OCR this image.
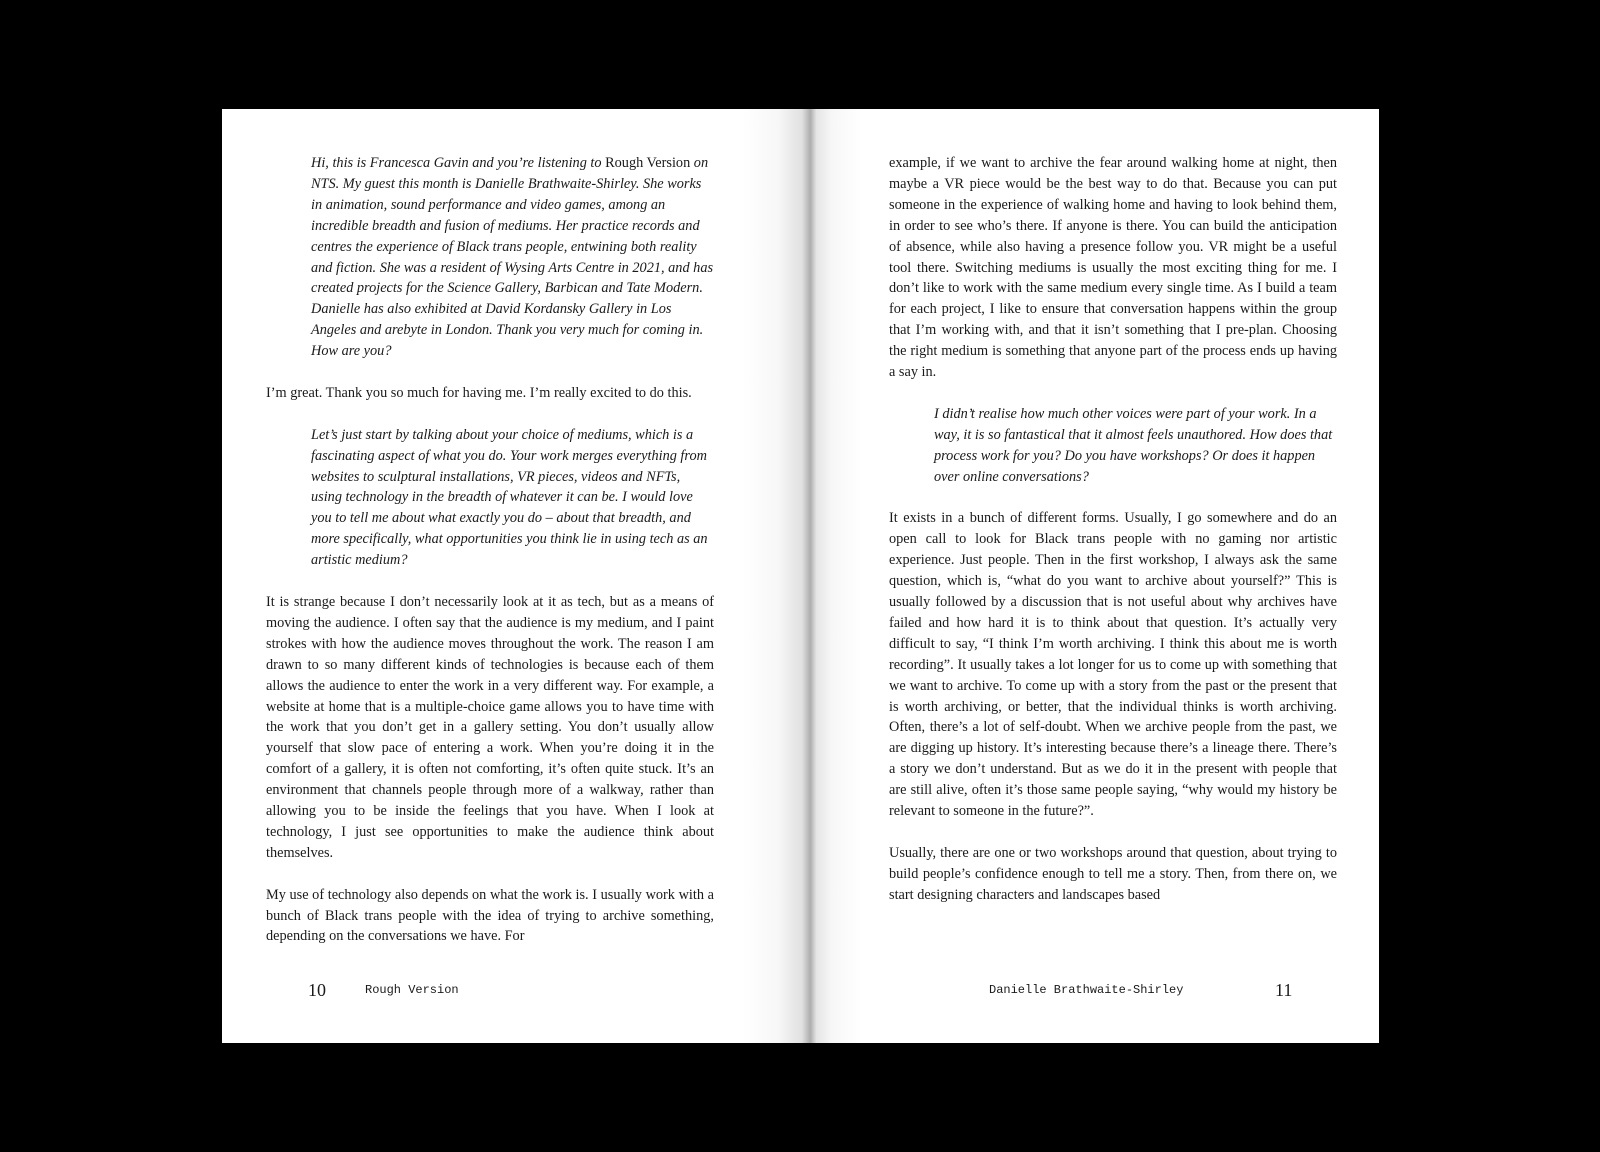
Hi, this is Francesca Gavin and you’re listening to Rough Version on NTS. My guest this month is Danielle Brathwaite-Shirley. She works in animation, sound performance and video games, among an incredible breadth and fusion of mediums. Her practice records and centres the experience of Black trans people, entwining both reality and fiction. She was a resident of Wysing Arts Centre in 2021, and has created projects for the Science Gallery, Barbican and Tate Modern. Danielle has also exhibited at David Kordansky Gallery in Los Angeles and arebyte in London. Thank you very much for coming in. How are you?

I’m great. Thank you so much for having me. I’m really excited to do this.

Let’s just start by talking about your choice of mediums, which is a fascinating aspect of what you do. Your work merges everything from websites to sculptural installations, VR pieces, videos and NFTs, using technology in the breadth of whatever it can be. I would love you to tell me about what exactly you do – about that breadth, and more specifically, what opportunities you think lie in using tech as an artistic medium?

It is strange because I don’t necessarily look at it as tech, but as a means of moving the audience. I often say that the audience is my medium, and I paint strokes with how the audience moves throughout the work. The reason I am drawn to so many different kinds of technologies is because each of them allows the audience to enter the work in a very different way. For example, a website at home that is a multiple-choice game allows you to have time with the work that you don’t get in a gallery setting. You don’t usually allow yourself that slow pace of entering a work. When you’re doing it in the comfort of a gallery, it is often not comforting, it’s often quite stuck. It’s an environment that channels people through more of a walkway, rather than allowing you to be inside the feelings that you have. When I look at technology, I just see opportunities to make the audience think about themselves.

My use of technology also depends on what the work is. I usually work with a bunch of Black trans people with the idea of trying to archive something, depending on the conversations we have. For

10	Rough Version

example, if we want to archive the fear around walking home at night, then maybe a VR piece would be the best way to do that. Because you can put someone in the experience of walking home and having to look behind them, in order to see who’s there. If anyone is there. You can build the anticipation of absence, while also having a presence follow you. VR might be a useful tool there. Switching mediums is usually the most exciting thing for me. I don’t like to work with the same medium every single time. As I build a team for each project, I like to ensure that conversation happens within the group that I’m working with, and that it isn’t something that I pre-plan. Choosing the right medium is something that anyone part of the process ends up having a say in.

I didn’t realise how much other voices were part of your work. In a way, it is so fantastical that it almost feels unauthored. How does that process work for you? Do you have workshops? Or does it happen over online conversations?

It exists in a bunch of different forms. Usually, I go somewhere and do an open call to look for Black trans people with no gaming nor artistic experience. Just people. Then in the first workshop, I always ask the same question, which is, “what do you want to archive about yourself?” This is usually followed by a discussion that is not useful about why archives have failed and how hard it is to think about that question. It’s actually very difficult to say, “I think I’m worth archiving. I think this about me is worth recording”. It usually takes a lot longer for us to come up with something that we want to archive. To come up with a story from the past or the present that is worth archiving, or better, that the individual thinks is worth archiving. Often, there’s a lot of self-doubt. When we archive people from the past, we are digging up history. It’s interesting because there’s a lineage there. There’s a story we don’t understand. But as we do it in the present with people that are still alive, often it’s those same people saying, “why would my history be relevant to someone in the future?”.

Usually, there are one or two workshops around that question, about trying to build people’s confidence enough to tell me a story. Then, from there on, we start designing characters and landscapes based

Danielle Brathwaite-Shirley	11
